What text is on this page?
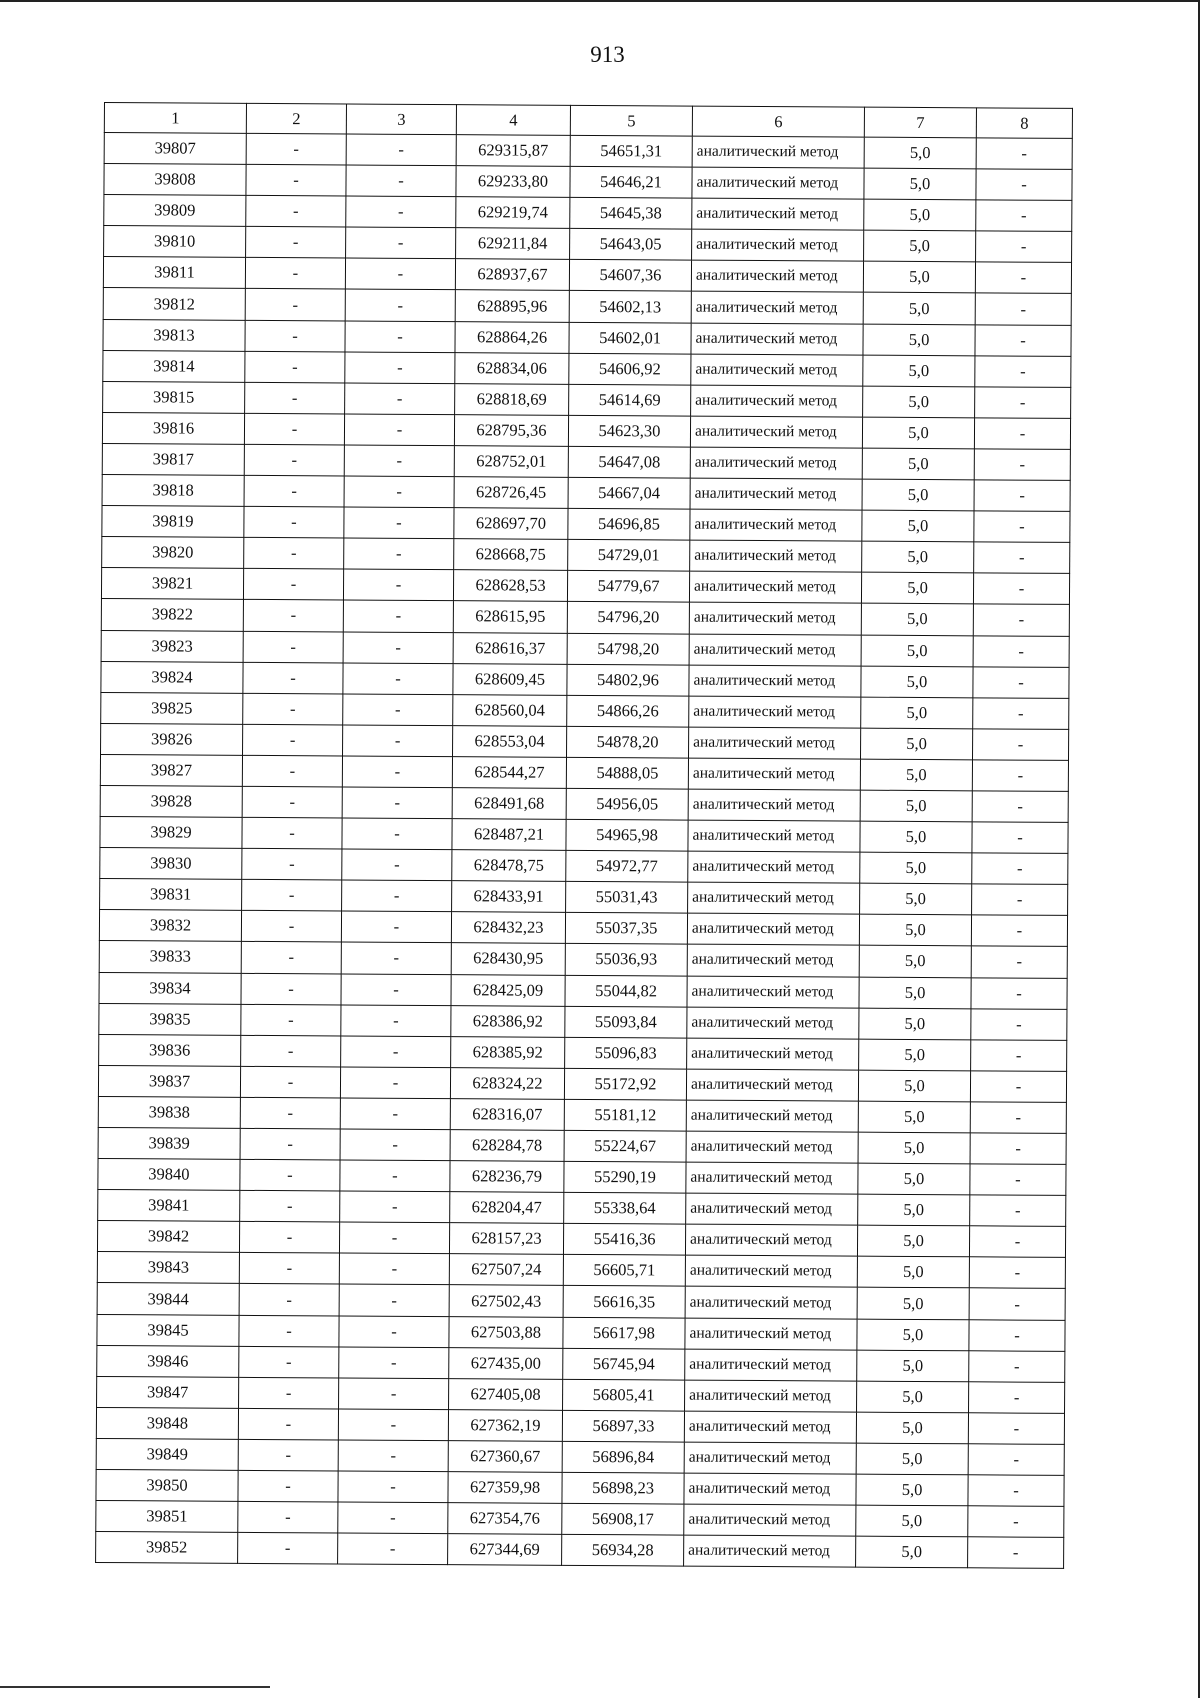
913
1	2	3	4	5	6	7	8
39807	-	-	629315,87	54651,31	аналитический метод	5,0	-
39808	-	-	629233,80	54646,21	аналитический метод	5,0	-
39809	-	-	629219,74	54645,38	аналитический метод	5,0	-
39810	-	-	629211,84	54643,05	аналитический метод	5,0	-
39811	-	-	628937,67	54607,36	аналитический метод	5,0	-
39812	-	-	628895,96	54602,13	аналитический метод	5,0	-
39813	-	-	628864,26	54602,01	аналитический метод	5,0	-
39814	-	-	628834,06	54606,92	аналитический метод	5,0	-
39815	-	-	628818,69	54614,69	аналитический метод	5,0	-
39816	-	-	628795,36	54623,30	аналитический метод	5,0	-
39817	-	-	628752,01	54647,08	аналитический метод	5,0	-
39818	-	-	628726,45	54667,04	аналитический метод	5,0	-
39819	-	-	628697,70	54696,85	аналитический метод	5,0	-
39820	-	-	628668,75	54729,01	аналитический метод	5,0	-
39821	-	-	628628,53	54779,67	аналитический метод	5,0	-
39822	-	-	628615,95	54796,20	аналитический метод	5,0	-
39823	-	-	628616,37	54798,20	аналитический метод	5,0	-
39824	-	-	628609,45	54802,96	аналитический метод	5,0	-
39825	-	-	628560,04	54866,26	аналитический метод	5,0	-
39826	-	-	628553,04	54878,20	аналитический метод	5,0	-
39827	-	-	628544,27	54888,05	аналитический метод	5,0	-
39828	-	-	628491,68	54956,05	аналитический метод	5,0	-
39829	-	-	628487,21	54965,98	аналитический метод	5,0	-
39830	-	-	628478,75	54972,77	аналитический метод	5,0	-
39831	-	-	628433,91	55031,43	аналитический метод	5,0	-
39832	-	-	628432,23	55037,35	аналитический метод	5,0	-
39833	-	-	628430,95	55036,93	аналитический метод	5,0	-
39834	-	-	628425,09	55044,82	аналитический метод	5,0	-
39835	-	-	628386,92	55093,84	аналитический метод	5,0	-
39836	-	-	628385,92	55096,83	аналитический метод	5,0	-
39837	-	-	628324,22	55172,92	аналитический метод	5,0	-
39838	-	-	628316,07	55181,12	аналитический метод	5,0	-
39839	-	-	628284,78	55224,67	аналитический метод	5,0	-
39840	-	-	628236,79	55290,19	аналитический метод	5,0	-
39841	-	-	628204,47	55338,64	аналитический метод	5,0	-
39842	-	-	628157,23	55416,36	аналитический метод	5,0	-
39843	-	-	627507,24	56605,71	аналитический метод	5,0	-
39844	-	-	627502,43	56616,35	аналитический метод	5,0	-
39845	-	-	627503,88	56617,98	аналитический метод	5,0	-
39846	-	-	627435,00	56745,94	аналитический метод	5,0	-
39847	-	-	627405,08	56805,41	аналитический метод	5,0	-
39848	-	-	627362,19	56897,33	аналитический метод	5,0	-
39849	-	-	627360,67	56896,84	аналитический метод	5,0	-
39850	-	-	627359,98	56898,23	аналитический метод	5,0	-
39851	-	-	627354,76	56908,17	аналитический метод	5,0	-
39852	-	-	627344,69	56934,28	аналитический метод	5,0	-
